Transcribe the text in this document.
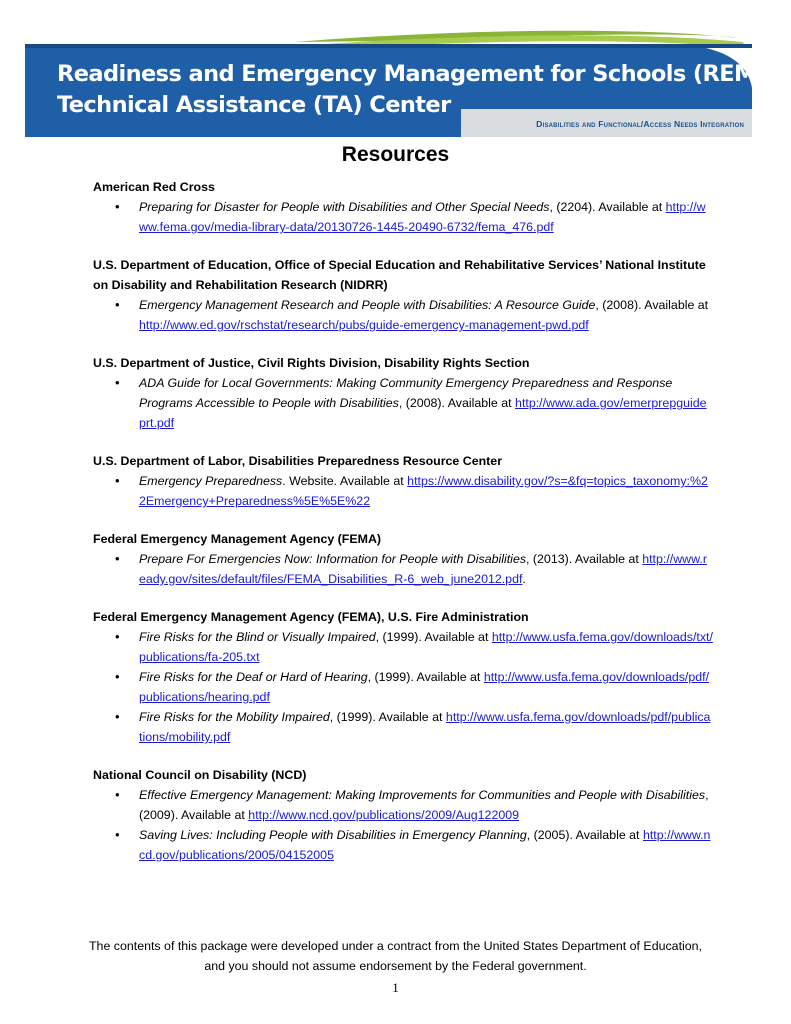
Readiness and Emergency Management for Schools (REMS)
Technical Assistance (TA) Center
Disabilities and Functional/Access Needs Integration
Resources
American Red Cross
• Preparing for Disaster for People with Disabilities and Other Special Needs, (2204). Available at http://www.fema.gov/media-library-data/20130726-1445-20490-6732/fema_476.pdf
U.S. Department of Education, Office of Special Education and Rehabilitative Services’ National Institute on Disability and Rehabilitation Research (NIDRR)
• Emergency Management Research and People with Disabilities: A Resource Guide, (2008). Available at http://www.ed.gov/rschstat/research/pubs/guide-emergency-management-pwd.pdf
U.S. Department of Justice, Civil Rights Division, Disability Rights Section
• ADA Guide for Local Governments: Making Community Emergency Preparedness and Response Programs Accessible to People with Disabilities, (2008). Available at http://www.ada.gov/emerprepguideprt.pdf
U.S. Department of Labor, Disabilities Preparedness Resource Center
• Emergency Preparedness. Website. Available at https://www.disability.gov/?s=&fq=topics_taxonomy:%22Emergency+Preparedness%5E%5E%22
Federal Emergency Management Agency (FEMA)
• Prepare For Emergencies Now: Information for People with Disabilities, (2013). Available at http://www.ready.gov/sites/default/files/FEMA_Disabilities_R-6_web_june2012.pdf.
Federal Emergency Management Agency (FEMA), U.S. Fire Administration
• Fire Risks for the Blind or Visually Impaired, (1999). Available at http://www.usfa.fema.gov/downloads/txt/publications/fa-205.txt
• Fire Risks for the Deaf or Hard of Hearing, (1999). Available at http://www.usfa.fema.gov/downloads/pdf/publications/hearing.pdf
• Fire Risks for the Mobility Impaired, (1999). Available at http://www.usfa.fema.gov/downloads/pdf/publications/mobility.pdf
National Council on Disability (NCD)
• Effective Emergency Management: Making Improvements for Communities and People with Disabilities, (2009). Available at http://www.ncd.gov/publications/2009/Aug122009
• Saving Lives: Including People with Disabilities in Emergency Planning, (2005). Available at http://www.ncd.gov/publications/2005/04152005
The contents of this package were developed under a contract from the United States Department of Education,
and you should not assume endorsement by the Federal government.
1
